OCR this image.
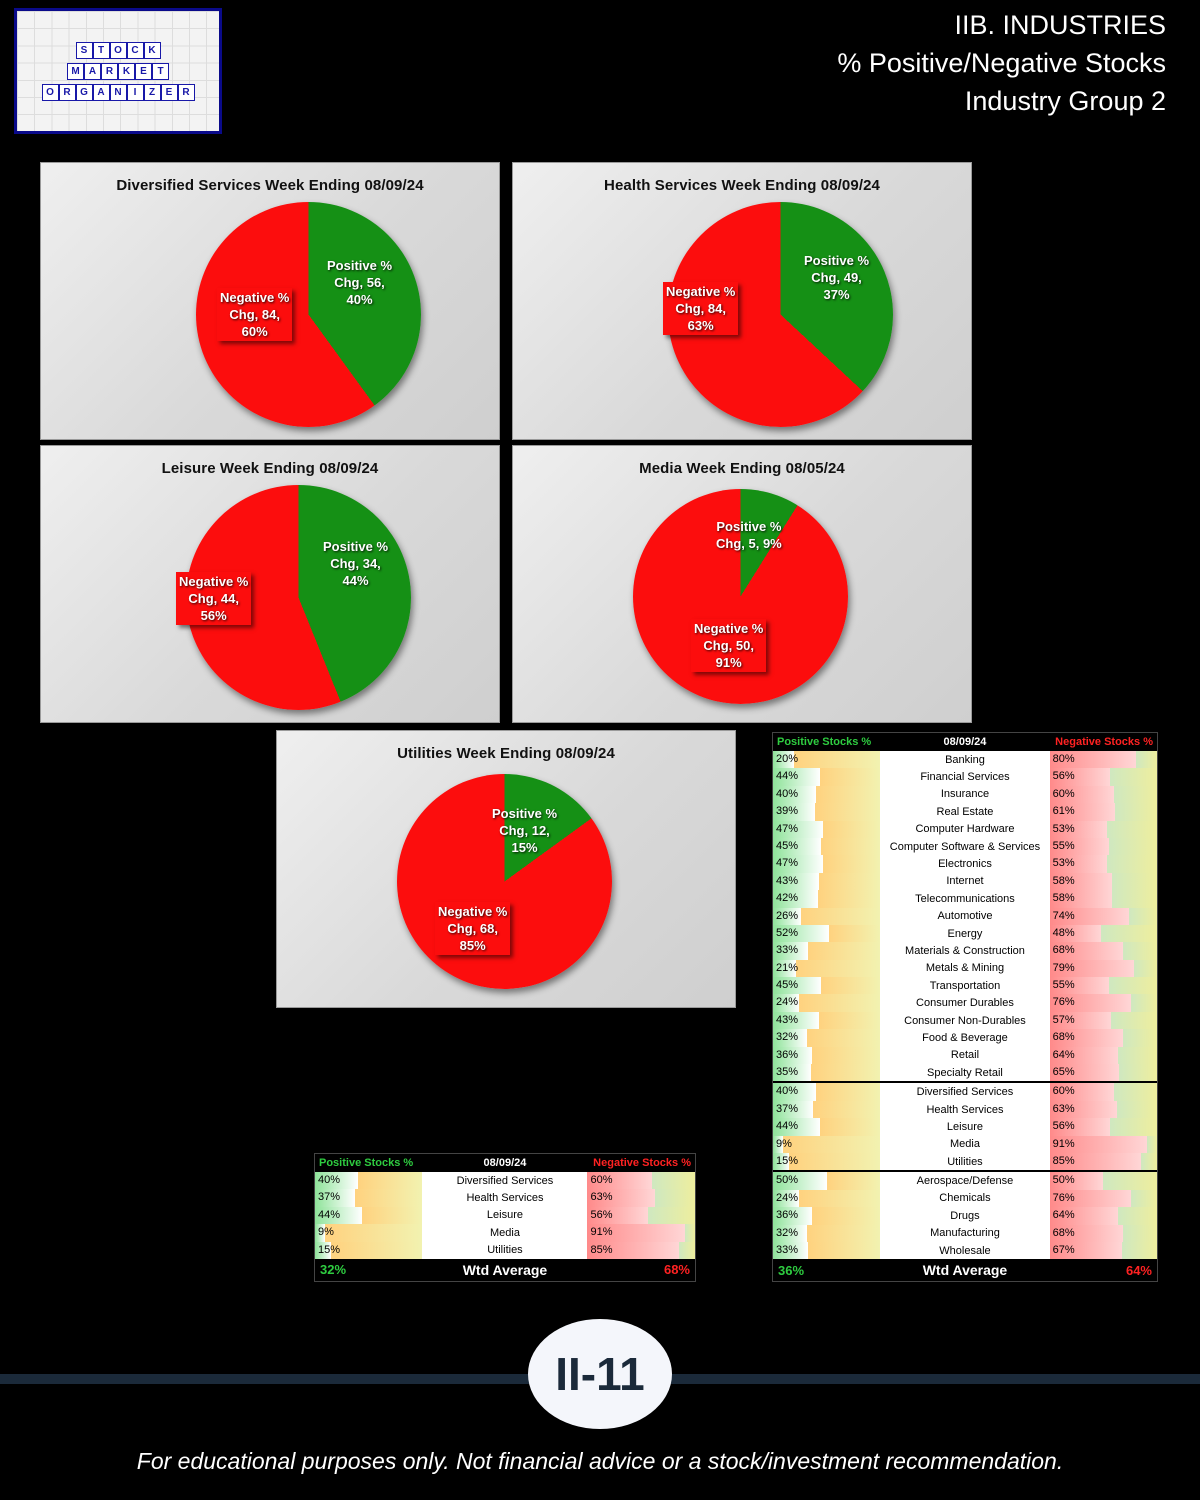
S	T	O C K
M A R K	E	T
O R G A N	I	Z	E	R
IIB. INDUSTRIES
% Positive/Negative Stocks
Industry Group 2
Diversified Services Week Ending 08/09/24
Positive %
Chg, 56,
40%
Negative %
Chg, 84,
60%
Health Services Week Ending 08/09/24
Positive %
Chg, 49,
37%
Negative %
Chg, 84,
63%
Leisure Week Ending 08/09/24
Positive %
Chg, 34,
44%
Negative %
Chg, 44,
56%
Media Week Ending 08/05/24
Positive %
Chg, 5, 9%
Negative %
Chg, 50,
91%
Utilities Week Ending 08/09/24
Positive %
Chg, 12,
15%
Negative %
Chg, 68,
85%
Positive Stocks %	08/09/24	Negative Stocks %

40%	Diversified Services	60%

37%	Health Services	63%

44%	Leisure	56%

9%	Media	91%

15%	Utilities	85%

32%	Wtd Average	68%
Positive Stocks %	08/09/24	Negative Stocks %

20%	Banking	80%

44%	Financial Services	56%

40%	Insurance	60%

39%	Real Estate	61%

47%	Computer Hardware	53%

45%	Computer Software & Services	55%

47%	Electronics	53%

43%	Internet	58%

42%	Telecommunications	58%

26%	Automotive	74%

52%	Energy	48%

33%	Materials & Construction	68%

21%	Metals & Mining	79%

45%	Transportation	55%

24%	Consumer Durables	76%

43%	Consumer Non-Durables	57%

32%	Food & Beverage	68%

36%	Retail	64%

35%	Specialty Retail	65%

40%	Diversified Services	60%

37%	Health Services	63%

44%	Leisure	56%

9%	Media	91%

15%	Utilities	85%

50%	Aerospace/Defense	50%

24%	Chemicals	76%

36%	Drugs	64%

32%	Manufacturing	68%

33%	Wholesale	67%

36%	Wtd Average	64%
II-11
For educational purposes only. Not financial advice or a stock/investment recommendation.
